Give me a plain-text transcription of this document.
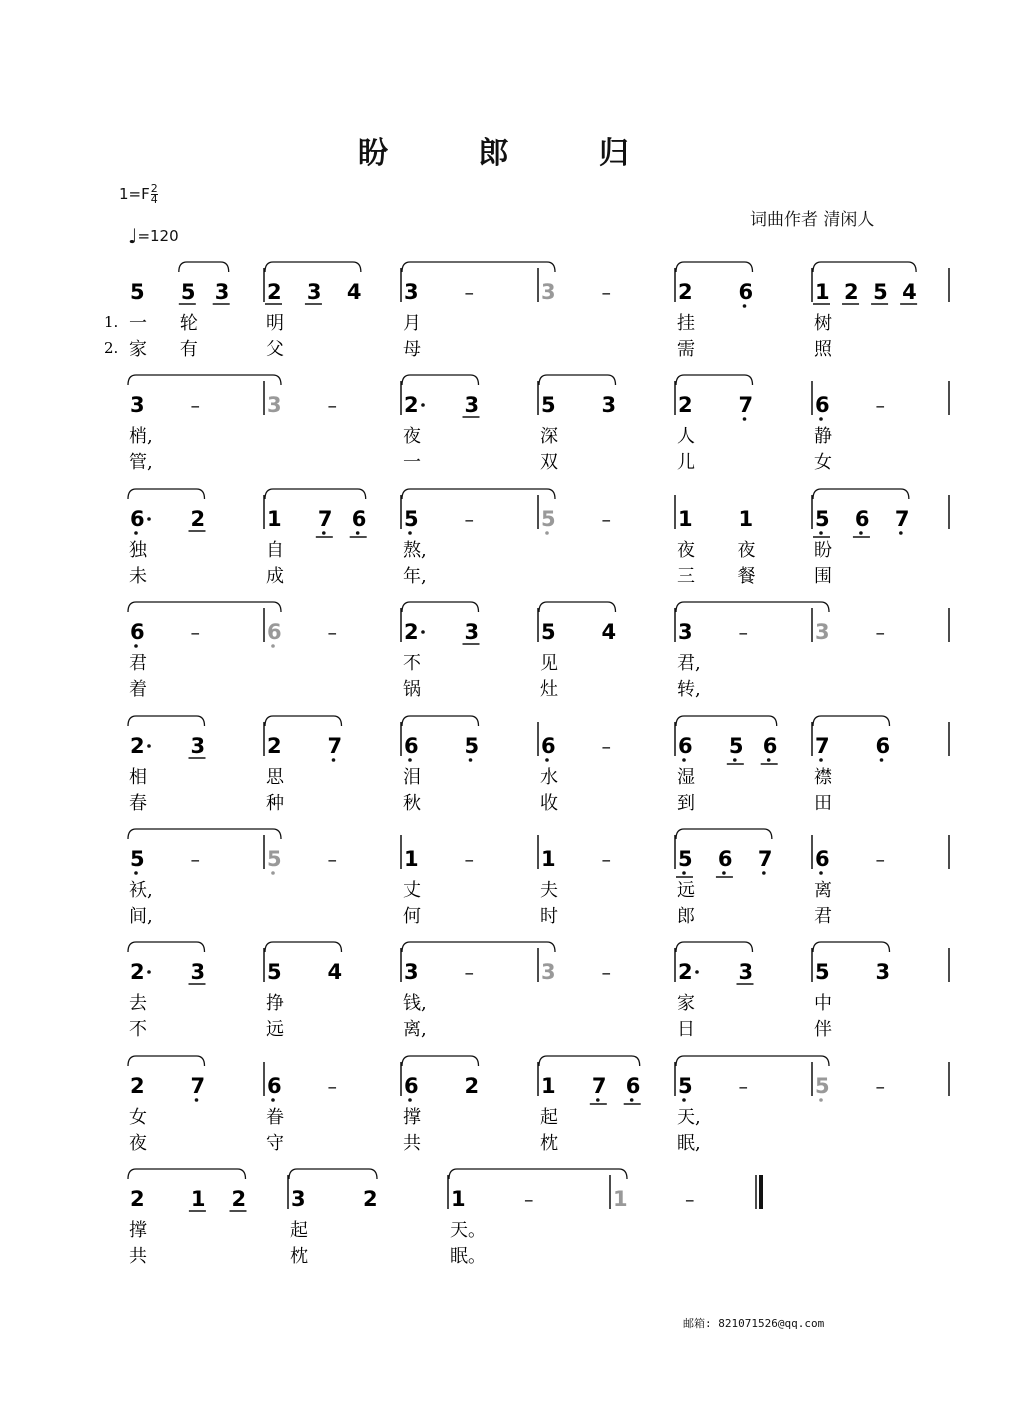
盼 郎 归
$1=F \frac{2}{4}$
♩=120
词曲作者 清闲人
5
一
家
5
轮
有
3 2
明
父
3 4 3
月
母
–	3 –	2
挂
需
6	1
树
照
2 5 4
1.
2.
3
梢,
管,
–	3 –	2
夜
一
3	5
深
双
3	2
人
儿
7	6
静
女
–
6
独
未
2	1
自
成
7 6 5
熬,
年,
–	5 –	1
夜
三
1
夜
餐
5
盼
围
6 7
6
君
着
–	6 –	2
不
锅
3	5
见
灶
4	3
君,
转,
–	3 –
2
相
春
3	2
思
种
7	6
泪
秋
5	6
水
收
–	6
湿
到
5 6 7
襟
田
6
5
袄,
间,
–	5 –	1
丈
何
–	1
夫
时
–	5
远
郎
6 7 6
离
君
–
2
去
不
3	5
挣
远
4	3
钱,
离,
–	3 –	2
家
日
3	5
中
伴
3
2
女
夜
7	6
眷
守
–	6
撑
共
2	1
起
枕
7 6 5
天,
眠,
–	5 –
2
撑
共
1 2 3
起
枕
2	1
天。
眠。
–	1	–
邮箱: 821071526@qq.com
